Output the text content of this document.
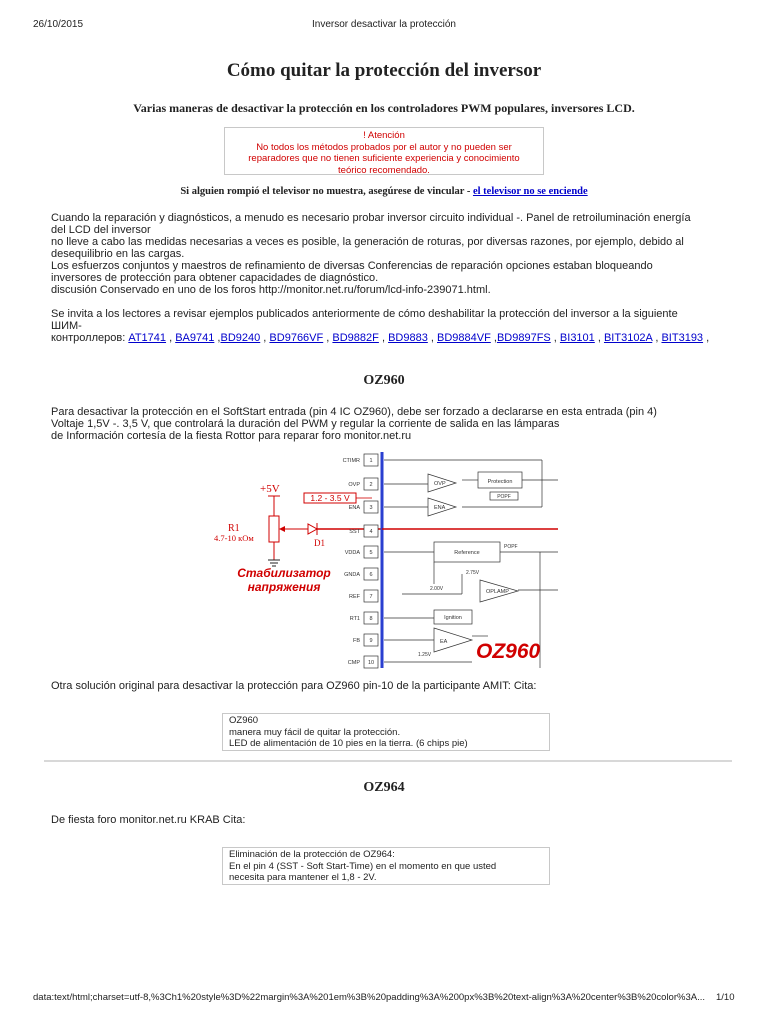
26/10/2015	Inversor desactivar la protección
Cómo quitar la protección del inversor
Varias maneras de desactivar la protección en los controladores PWM populares, inversores LCD.
! Atención
No todos los métodos probados por el autor y no pueden ser
reparadores que no tienen suficiente experiencia y conocimiento
teórico recomendado.
Si alguien rompió el televisor no muestra, asegúrese de vincular - el televisor no se enciende
Cuando la reparación y diagnósticos, a menudo es necesario probar inversor circuito individual -. Panel de retroiluminación energía
del LCD del inversor
no lleve a cabo las medidas necesarias a veces es posible, la generación de roturas, por diversas razones, por ejemplo, debido al
desequilibrio en las cargas.
Los esfuerzos conjuntos y maestros de refinamiento de diversas Conferencias de reparación opciones estaban bloqueando
inversores de protección para obtener capacidades de diagnóstico.
discusión Conservado en uno de los foros http://monitor.net.ru/forum/lcd-info-239071.html.
Se invita a los lectores a revisar ejemplos publicados anteriormente de cómo deshabilitar la protección del inversor a la siguiente
ШИМ-
контроллеров: AT1741 , BA9741 ,BD9240 , BD9766VF , BD9882F , BD9883 , BD9884VF ,BD9897FS , BI3101 , BIT3102A , BIT3193 ,
OZ960
Para desactivar la protección en el SoftStart entrada (pin 4 IC OZ960), debe ser forzado a declararse en esta entrada (pin 4)
Voltaje 1,5V -. 3,5 V, que controlará la duración del PWM y regular la corriente de salida en las lámparas
de Información cortesía de la fiesta Rottor para reparar foro monitor.net.ru
+5V
1.2 - 3.5 V
R1
4.7-10 кОм	D1
Стабилизатор
напряжения
CTIMR
OVP
ENA
SST
VDDA
GNDA
REF
RT1
FB
CMP
1
2
3
4
5
6
7
8
9
10
OVP	Protection
POPF
ENA
Reference
POPF
2.75V
2.00V	OPLAMP
Ignition
EA
1.25V OZ960
Otra solución original para desactivar la protección para OZ960 pin-10 de la participante AMIT: Cita:
OZ960
manera muy fácil de quitar la protección.
LED de alimentación de 10 pies en la tierra. (6 chips pie)
OZ964
De fiesta foro monitor.net.ru KRAB Cita:
Eliminación de la protección de OZ964:
En el pin 4 (SST - Soft Start-Time) en el momento en que usted
necesita para mantener el 1,8 - 2V.
data:text/html;charset=utf-8,%3Ch1%20style%3D%22margin%3A%201em%3B%20padding%3A%200px%3B%20text-align%3A%20center%3B%20color%3A...	1/10
